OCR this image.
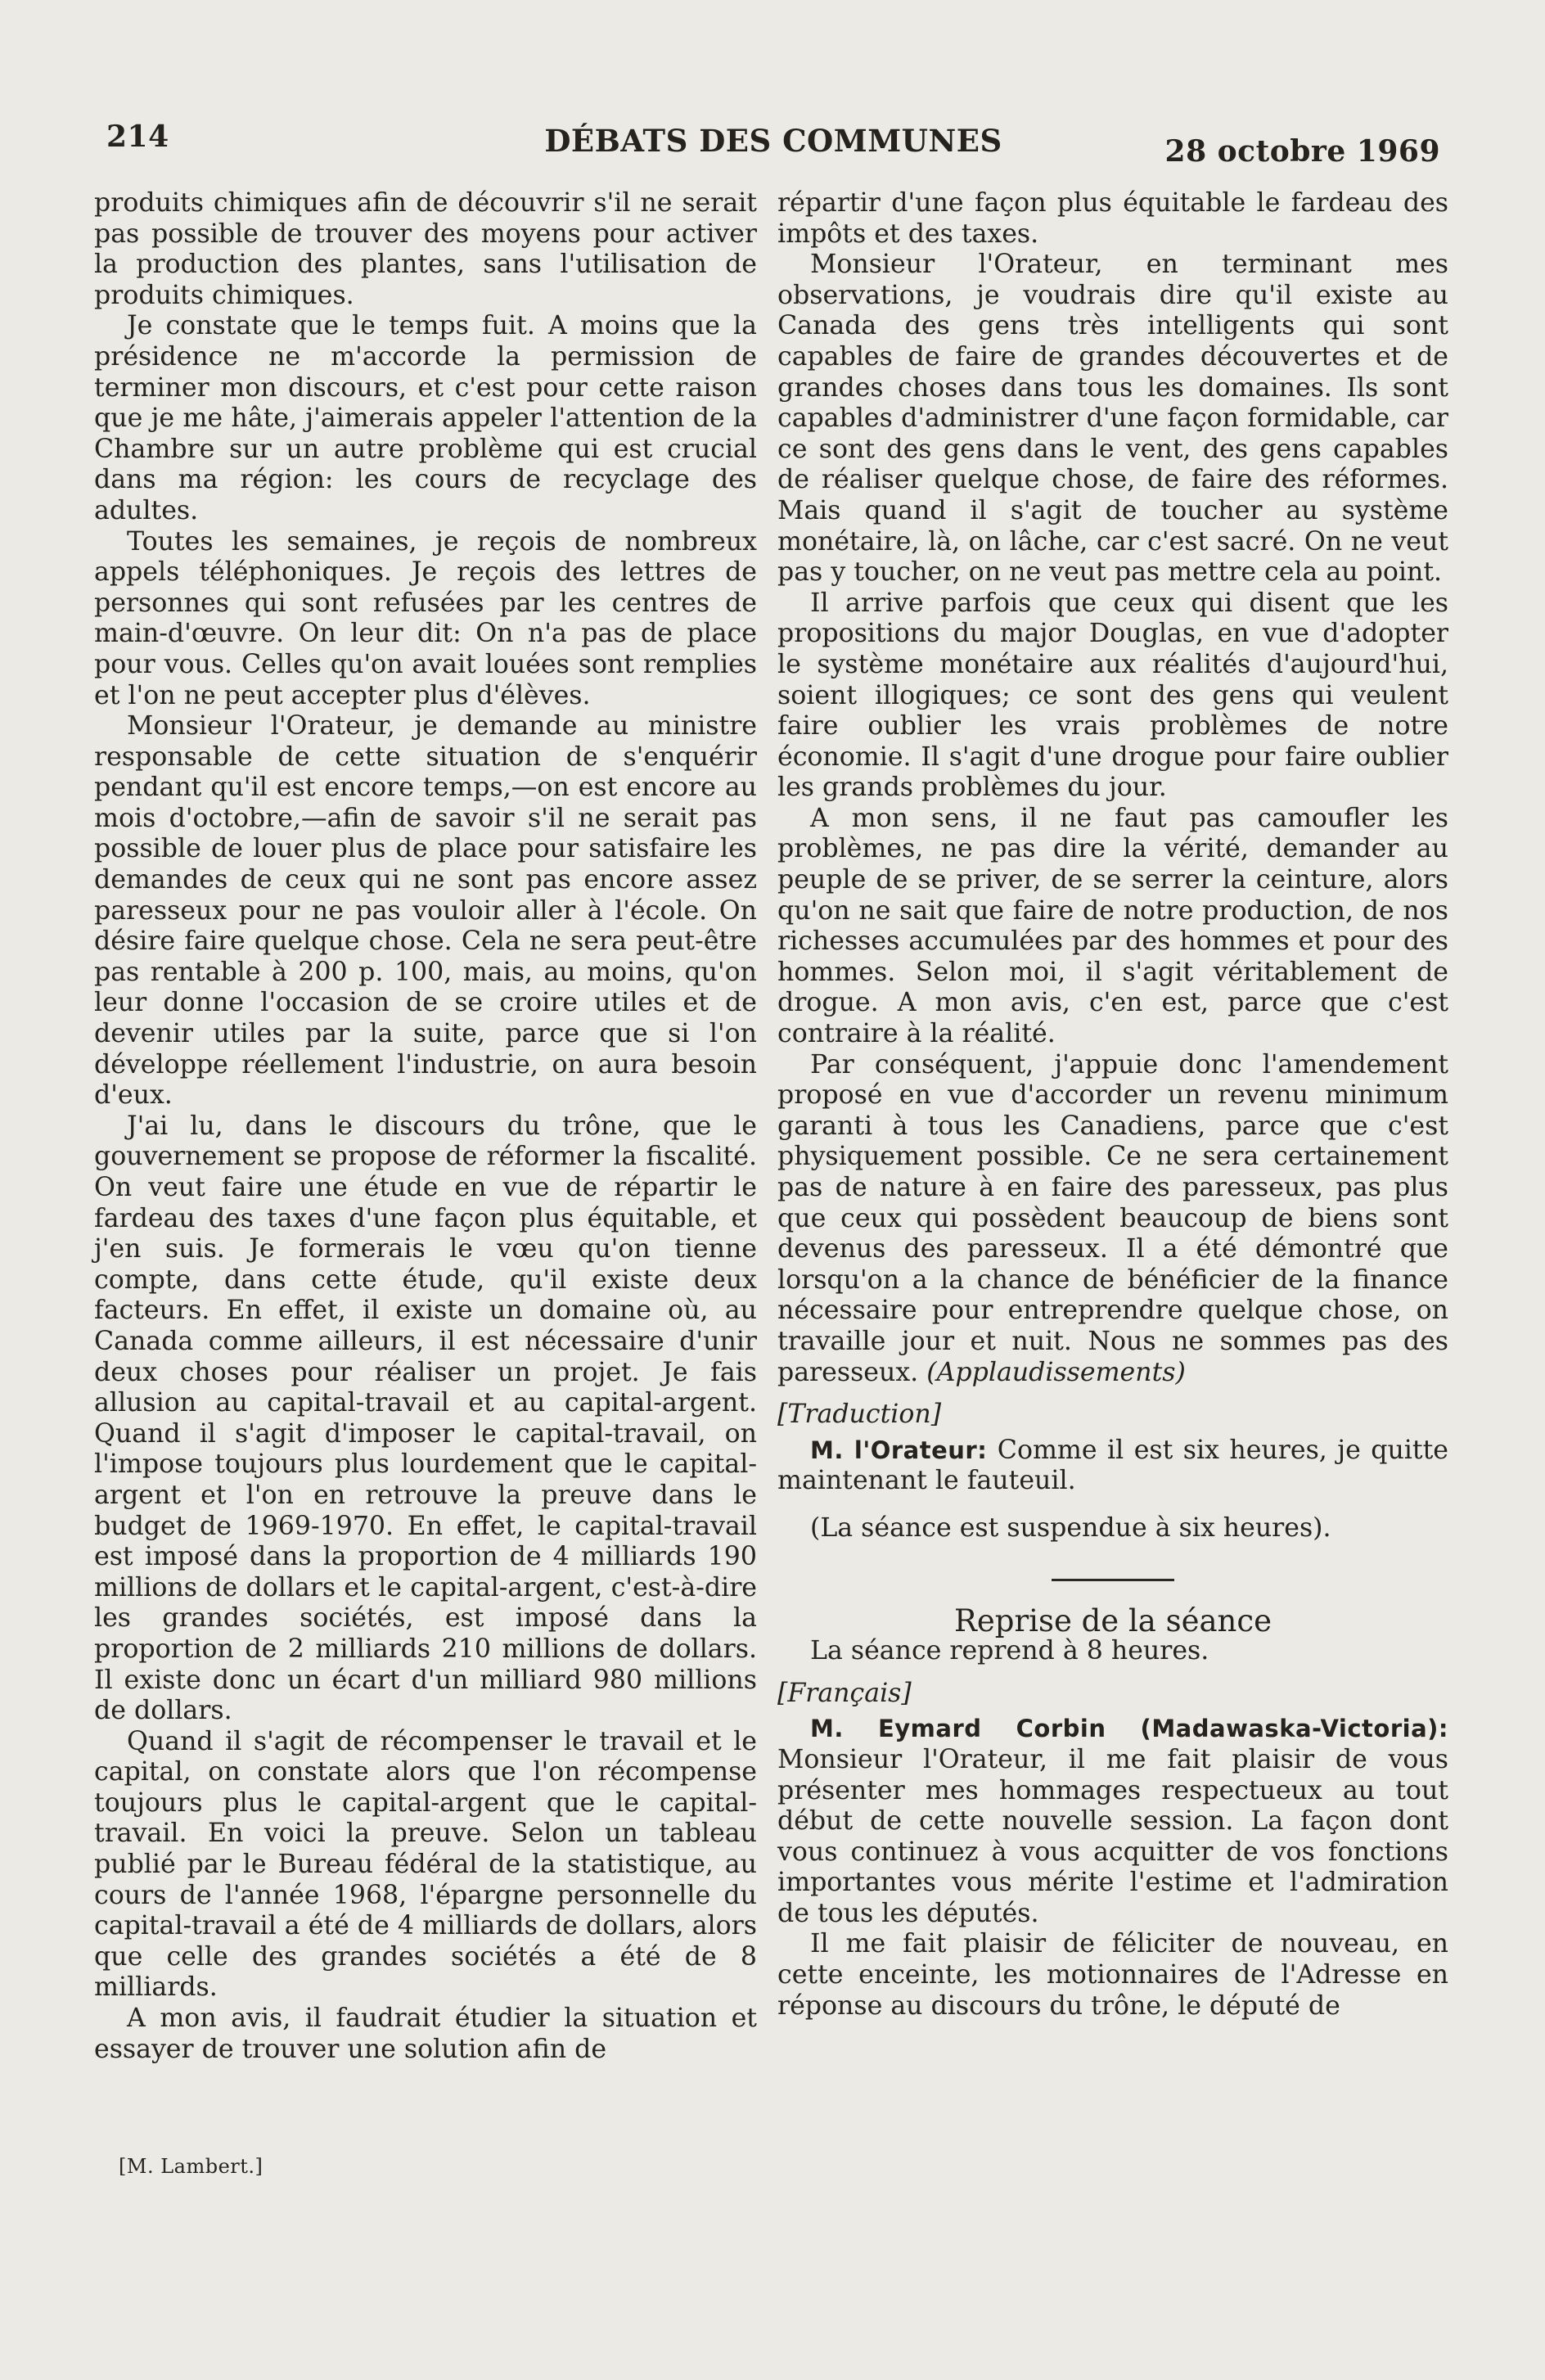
214	DÉBATS DES COMMUNES	28 octobre 1969

produits chimiques afin de découvrir s'il ne serait pas possible de trouver des moyens pour activer la production des plantes, sans l'utilisation de produits chimiques.

Je constate que le temps fuit. A moins que la présidence ne m'accorde la permission de terminer mon discours, et c'est pour cette raison que je me hâte, j'aimerais appeler l'attention de la Chambre sur un autre problème qui est crucial dans ma région: les cours de recyclage des adultes.

Toutes les semaines, je reçois de nombreux appels téléphoniques. Je reçois des lettres de personnes qui sont refusées par les centres de main-d'œuvre. On leur dit: On n'a pas de place pour vous. Celles qu'on avait louées sont remplies et l'on ne peut accepter plus d'élèves.

Monsieur l'Orateur, je demande au ministre responsable de cette situation de s'enquérir pendant qu'il est encore temps,—on est encore au mois d'octobre,—afin de savoir s'il ne serait pas possible de louer plus de place pour satisfaire les demandes de ceux qui ne sont pas encore assez paresseux pour ne pas vouloir aller à l'école. On désire faire quelque chose. Cela ne sera peut-être pas rentable à 200 p. 100, mais, au moins, qu'on leur donne l'occasion de se croire utiles et de devenir utiles par la suite, parce que si l'on développe réellement l'industrie, on aura besoin d'eux.

J'ai lu, dans le discours du trône, que le gouvernement se propose de réformer la fiscalité. On veut faire une étude en vue de répartir le fardeau des taxes d'une façon plus équitable, et j'en suis. Je formerais le vœu qu'on tienne compte, dans cette étude, qu'il existe deux facteurs. En effet, il existe un domaine où, au Canada comme ailleurs, il est nécessaire d'unir deux choses pour réaliser un projet. Je fais allusion au capital-travail et au capital-argent. Quand il s'agit d'imposer le capital-travail, on l'impose toujours plus lourdement que le capital-argent et l'on en retrouve la preuve dans le budget de 1969-1970. En effet, le capital-travail est imposé dans la proportion de 4 milliards 190 millions de dollars et le capital-argent, c'est-à-dire les grandes sociétés, est imposé dans la proportion de 2 milliards 210 millions de dollars. Il existe donc un écart d'un milliard 980 millions de dollars.

Quand il s'agit de récompenser le travail et le capital, on constate alors que l'on récompense toujours plus le capital-argent que le capital-travail. En voici la preuve. Selon un tableau publié par le Bureau fédéral de la statistique, au cours de l'année 1968, l'épargne personnelle du capital-travail a été de 4 milliards de dollars, alors que celle des grandes sociétés a été de 8 milliards.

A mon avis, il faudrait étudier la situation et essayer de trouver une solution afin de

répartir d'une façon plus équitable le fardeau des impôts et des taxes.

Monsieur l'Orateur, en terminant mes observations, je voudrais dire qu'il existe au Canada des gens très intelligents qui sont capables de faire de grandes découvertes et de grandes choses dans tous les domaines. Ils sont capables d'administrer d'une façon formidable, car ce sont des gens dans le vent, des gens capables de réaliser quelque chose, de faire des réformes. Mais quand il s'agit de toucher au système monétaire, là, on lâche, car c'est sacré. On ne veut pas y toucher, on ne veut pas mettre cela au point.

Il arrive parfois que ceux qui disent que les propositions du major Douglas, en vue d'adopter le système monétaire aux réalités d'aujourd'hui, soient illogiques; ce sont des gens qui veulent faire oublier les vrais problèmes de notre économie. Il s'agit d'une drogue pour faire oublier les grands problèmes du jour.

A mon sens, il ne faut pas camoufler les problèmes, ne pas dire la vérité, demander au peuple de se priver, de se serrer la ceinture, alors qu'on ne sait que faire de notre production, de nos richesses accumulées par des hommes et pour des hommes. Selon moi, il s'agit véritablement de drogue. A mon avis, c'en est, parce que c'est contraire à la réalité.

Par conséquent, j'appuie donc l'amendement proposé en vue d'accorder un revenu minimum garanti à tous les Canadiens, parce que c'est physiquement possible. Ce ne sera certainement pas de nature à en faire des paresseux, pas plus que ceux qui possèdent beaucoup de biens sont devenus des paresseux. Il a été démontré que lorsqu'on a la chance de bénéficier de la finance nécessaire pour entreprendre quelque chose, on travaille jour et nuit. Nous ne sommes pas des paresseux. (Applaudissements)

[Traduction]

M. l'Orateur: Comme il est six heures, je quitte maintenant le fauteuil.

(La séance est suspendue à six heures).

Reprise de la séance

La séance reprend à 8 heures.

[Français]

M. Eymard Corbin (Madawaska-Victoria): Monsieur l'Orateur, il me fait plaisir de vous présenter mes hommages respectueux au tout début de cette nouvelle session. La façon dont vous continuez à vous acquitter de vos fonctions importantes vous mérite l'estime et l'admiration de tous les députés.

Il me fait plaisir de féliciter de nouveau, en cette enceinte, les motionnaires de l'Adresse en réponse au discours du trône, le député de

[M. Lambert.]
